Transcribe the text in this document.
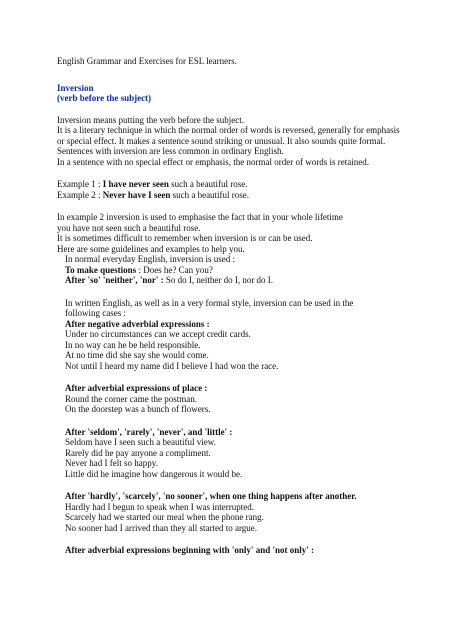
English Grammar and Exercises for ESL learners.

Inversion

(verb before the subject)

Inversion means putting the verb before the subject.

It is a literary technique in which the normal order of words is reversed, generally for emphasis

or special effect. It makes a sentence sound striking or unusual. It also sounds quite formal.

Sentences with inversion are less common in ordinary English.

In a sentence with no special effect or emphasis, the normal order of words is retained.

Example 1 : I have never seen such a beautiful rose.

Example 2 : Never have I seen such a beautiful rose.

In example 2 inversion is used to emphasise the fact that in your whole lifetime

you have not seen such a beautiful rose.

It is sometimes difficult to remember when inversion is or can be used.

Here are some guidelines and examples to help you.

In normal everyday English, inversion is used :

To make questions : Does he? Can you?

After 'so' 'neither', 'nor' : So do I, neither do I, nor do I.

In written English, as well as in a very formal style, inversion can be used in the

following cases :

After negative adverbial expressions :

Under no circumstances can we accept credit cards.

In no way can he be held responsible.

At no time did she say she would come.

Not until I heard my name did I believe I had won the race.

After adverbial expressions of place :

Round the corner came the postman.

On the doorstep was a bunch of flowers.

After 'seldom', 'rarely', 'never', and 'little' :

Seldom have I seen such a beautiful view.

Rarely did he pay anyone a compliment.

Never had I felt so happy.

Little did he imagine how dangerous it would be.

After 'hardly', 'scarcely', 'no sooner', when one thing happens after another.

Hardly had I begun to speak when I was interrupted.

Scarcely had we started our meal when the phone rang.

No sooner had I arrived than they all started to argue.

After adverbial expressions beginning with 'only' and 'not only' :
